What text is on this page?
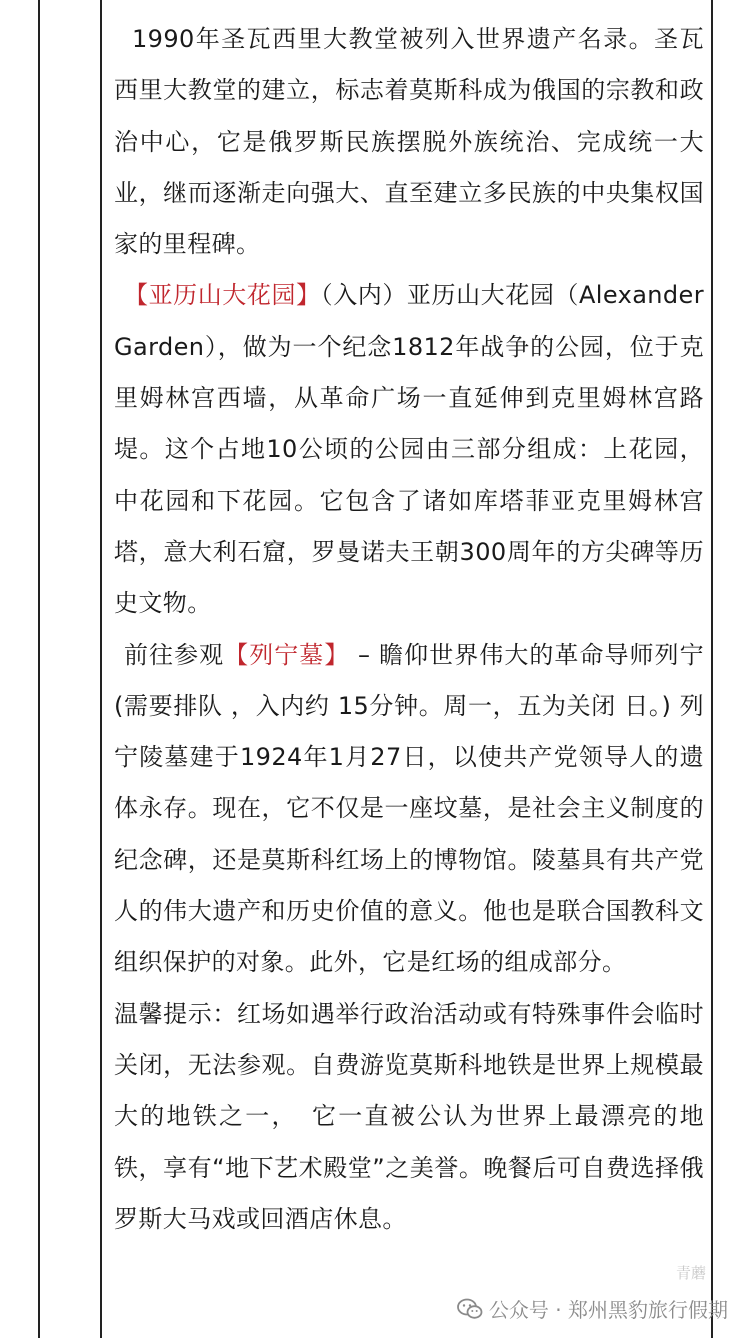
1990年圣瓦西里大教堂被列入世界遗产名录。圣瓦西里大教堂的建立，标志着莫斯科成为俄国的宗教和政治中心，它是俄罗斯民族摆脱外族统治、完成统一大业，继而逐渐走向强大、直至建立多民族的中央集权国家的里程碑。

【亚历山大花园】（入内）亚历山大花园（Alexander Garden），做为一个纪念1812年战争的公园，位于克里姆林宫西墙，从革命广场一直延伸到克里姆林宫路堤。这个占地10公顷的公园由三部分组成：上花园，中花园和下花园。它包含了诸如库塔菲亚克里姆林宫塔，意大利石窟，罗曼诺夫王朝300周年的方尖碑等历史文物。

前往参观【列宁墓】 – 瞻仰世界伟大的革命导师列宁 (需要排队 ，入内约 15分钟。周一，五为关闭 日。) 列宁陵墓建于1924年1月27日，以使共产党领导人的遗体永存。现在，它不仅是一座坟墓，是社会主义制度的纪念碑，还是莫斯科红场上的博物馆。陵墓具有共产党人的伟大遗产和历史价值的意义。他也是联合国教科文组织保护的对象。此外，它是红场的组成部分。

温馨提示：红场如遇举行政治活动或有特殊事件会临时关闭，无法参观。自费游览莫斯科地铁是世界上规模最大的地铁之一，　它一直被公认为世界上最漂亮的地铁，享有“地下艺术殿堂”之美誉。晚餐后可自费选择俄罗斯大马戏或回酒店休息。

青蘑
公众号 · 郑州黑豹旅行假期
